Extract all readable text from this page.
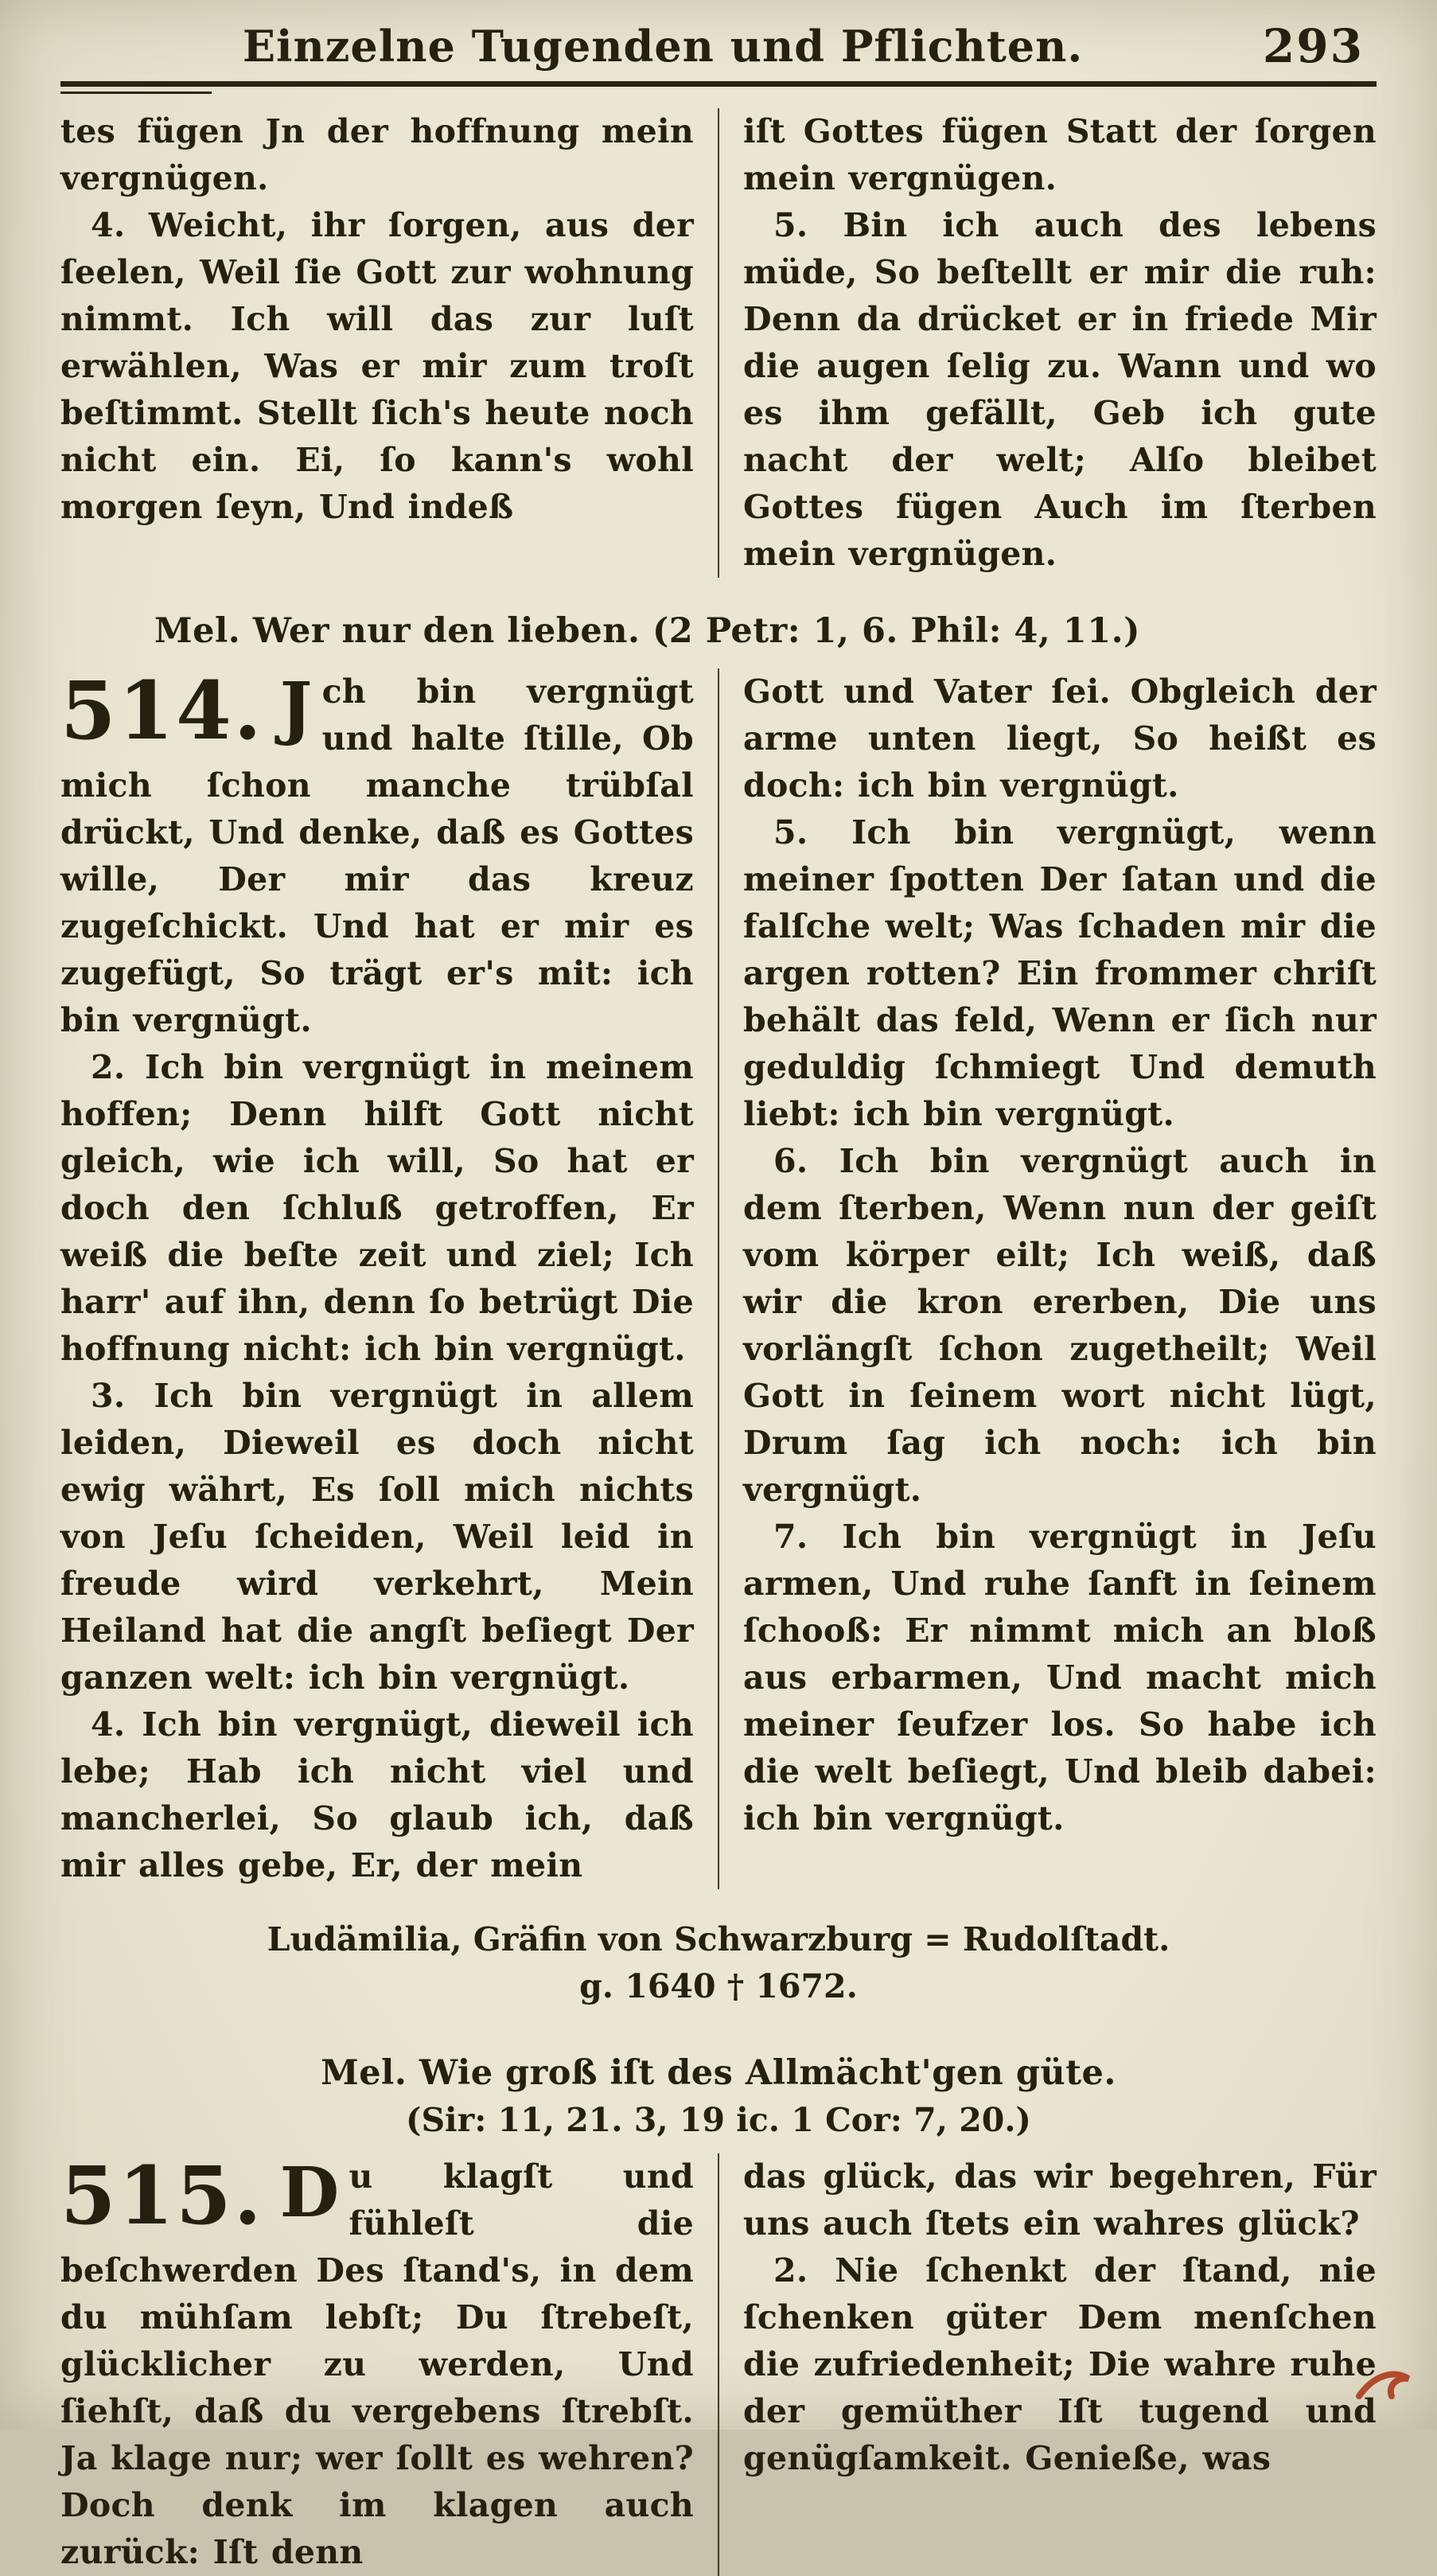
Einzelne Tugenden und Pflichten.	293

tes fügen Jn der hoffnung mein vergnügen.

4. Weicht, ihr ſorgen, aus der ſeelen, Weil ſie Gott zur wohnung nimmt. Ich will das zur luſt erwählen, Was er mir zum troſt beſtimmt. Stellt ſich's heute noch nicht ein. Ei, ſo kann's wohl morgen ſeyn, Und indeß

iſt Gottes fügen Statt der ſorgen mein vergnügen.

5. Bin ich auch des lebens müde, So beſtellt er mir die ruh: Denn da drücket er in friede Mir die augen ſelig zu. Wann und wo es ihm gefällt, Geb ich gute nacht der welt; Alſo bleibet Gottes fügen Auch im ſterben mein vergnügen.

Mel. Wer nur den lieben. (2 Petr: 1, 6. Phil: 4, 11.)

514. J ch bin vergnügt und halte ſtille, Ob mich ſchon manche trübſal drückt, Und denke, daß es Gottes wille, Der mir das kreuz zugeſchickt. Und hat er mir es zugefügt, So trägt er's mit: ich bin vergnügt.

2. Ich bin vergnügt in meinem hoffen; Denn hilft Gott nicht gleich, wie ich will, So hat er doch den ſchluß getroffen, Er weiß die beſte zeit und ziel; Ich harr' auf ihn, denn ſo betrügt Die hoffnung nicht: ich bin vergnügt.

3. Ich bin vergnügt in allem leiden, Dieweil es doch nicht ewig währt, Es ſoll mich nichts von Jeſu ſcheiden, Weil leid in freude wird verkehrt, Mein Heiland hat die angſt beſiegt Der ganzen welt: ich bin vergnügt.

4. Ich bin vergnügt, dieweil ich lebe; Hab ich nicht viel und mancherlei, So glaub ich, daß mir alles gebe, Er, der mein

Gott und Vater ſei. Obgleich der arme unten liegt, So heißt es doch: ich bin vergnügt.

5. Ich bin vergnügt, wenn meiner ſpotten Der ſatan und die falſche welt; Was ſchaden mir die argen rotten? Ein frommer chriſt behält das feld, Wenn er ſich nur geduldig ſchmiegt Und demuth liebt: ich bin vergnügt.

6. Ich bin vergnügt auch in dem ſterben, Wenn nun der geiſt vom körper eilt; Ich weiß, daß wir die kron ererben, Die uns vorlängſt ſchon zugetheilt; Weil Gott in ſeinem wort nicht lügt, Drum ſag ich noch: ich bin vergnügt.

7. Ich bin vergnügt in Jeſu armen, Und ruhe ſanft in ſeinem ſchooß: Er nimmt mich an bloß aus erbarmen, Und macht mich meiner ſeufzer los. So habe ich die welt beſiegt, Und bleib dabei: ich bin vergnügt.

Ludämilia, Gräfin von Schwarzburg = Rudolſtadt.
g. 1640 † 1672.
Mel. Wie groß iſt des Allmächt'gen güte.
(Sir: 11, 21. 3, 19 ic. 1 Cor: 7, 20.)

515. D u klagſt und fühleſt die beſchwerden Des ſtand's, in dem du mühſam lebſt; Du ſtrebeſt, glücklicher zu werden, Und ſiehſt, daß du vergebens ſtrebſt. Ja klage nur; wer ſollt es wehren? Doch denk im klagen auch zurück: Iſt denn

das glück, das wir begehren, Für uns auch ſtets ein wahres glück?

2. Nie ſchenkt der ſtand, nie ſchenken güter Dem menſchen die zufriedenheit; Die wahre ruhe der gemüther Iſt tugend und genügſamkeit. Genieße, was
